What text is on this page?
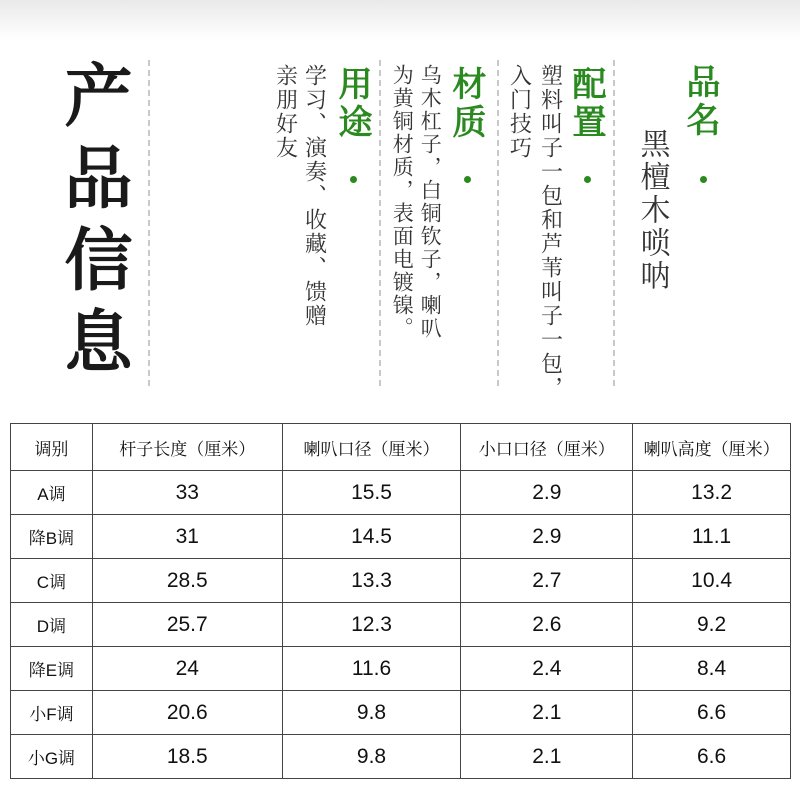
产品信息	用途
学习、演奏、收藏、馈赠
亲朋好友	材质
乌木杠子，白铜钦子，喇叭
为黄铜材质，表面电镀镍。	配置
塑料叫子一包和芦苇叫子一包，
入门技巧	品名
黑檀木唢呐
调别	杆子长度（厘米）	喇叭口径（厘米）	小口口径（厘米）	喇叭高度（厘米）
A调	33	15.5	2.9	13.2
降B调	31	14.5	2.9	11.1
C调	28.5	13.3	2.7	10.4
D调	25.7	12.3	2.6	9.2
降E调	24	11.6	2.4	8.4
小F调	20.6	9.8	2.1	6.6
小G调	18.5	9.8	2.1	6.6
